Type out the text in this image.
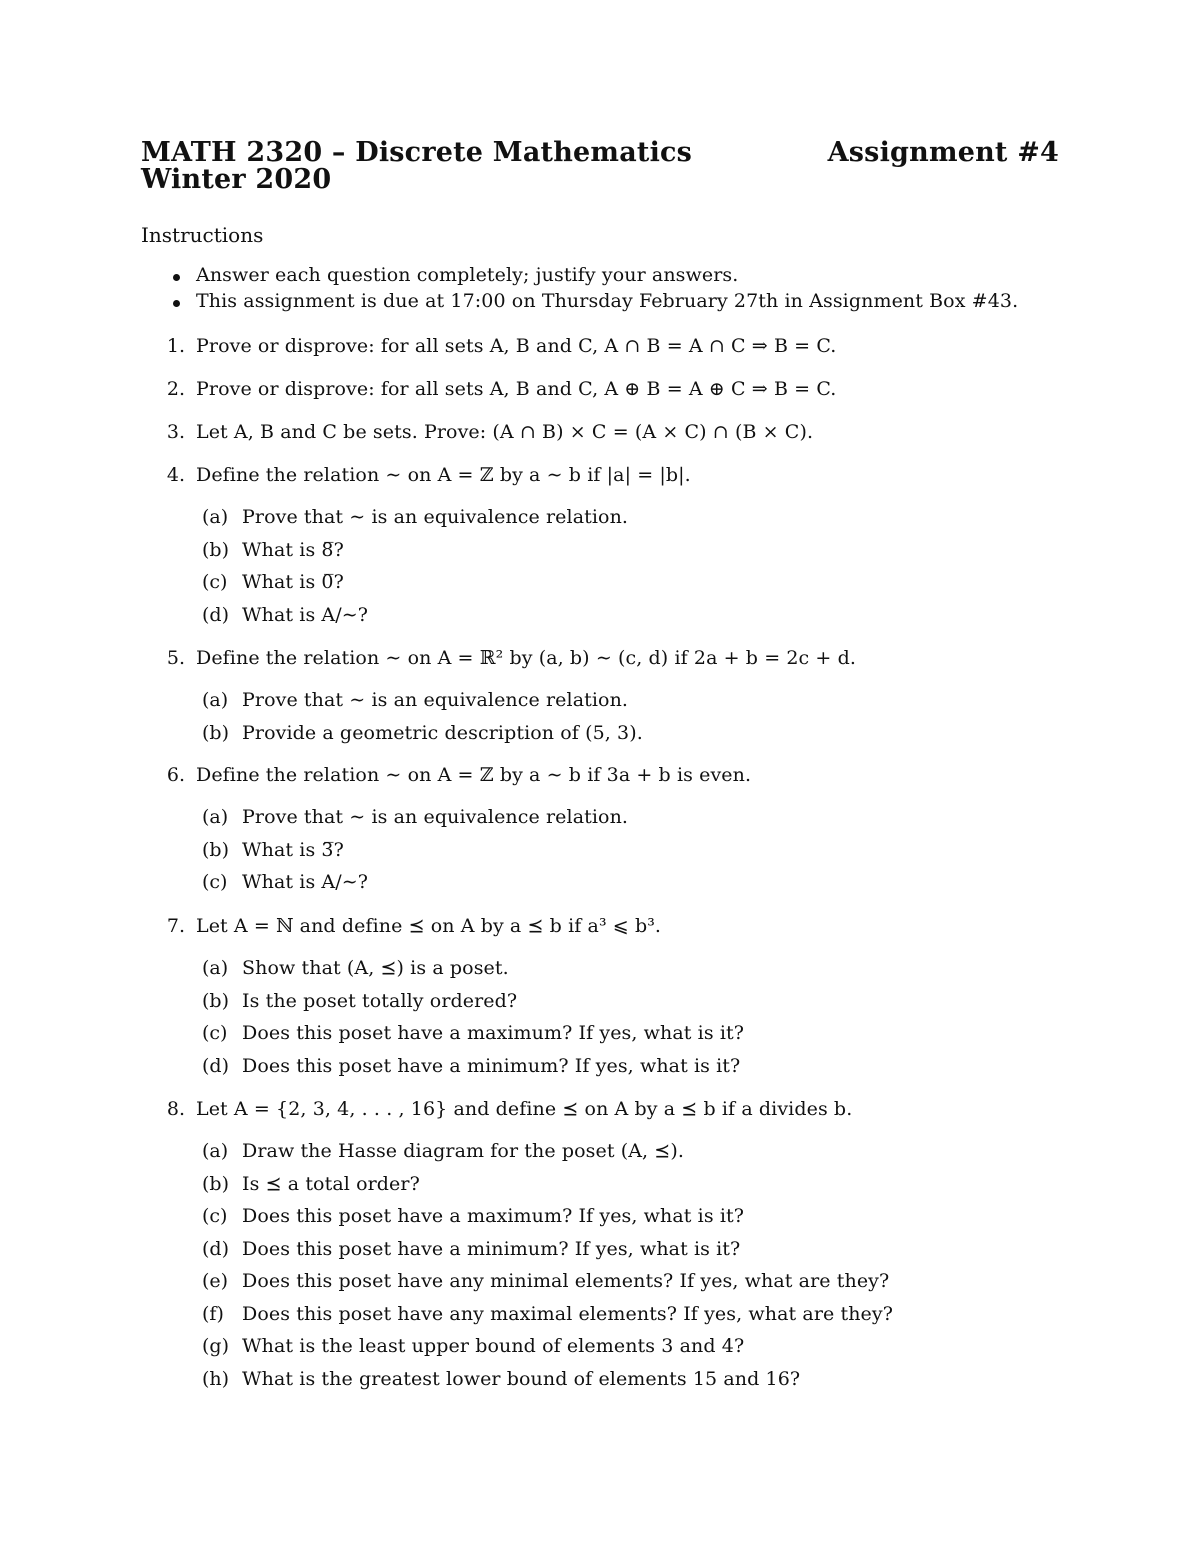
MATH 2320 – Discrete Mathematics	Assignment #4
Winter 2020
Instructions
Answer each question completely; justify your answers.
This assignment is due at 17:00 on Thursday February 27th in Assignment Box #43.
1. Prove or disprove: for all sets A, B and C, A ∩ B = A ∩ C ⇒ B = C.
2. Prove or disprove: for all sets A, B and C, A ⊕ B = A ⊕ C ⇒ B = C.
3. Let A, B and C be sets. Prove: (A ∩ B) × C = (A × C) ∩ (B × C).
4. Define the relation ∼ on A = ℤ by a ∼ b if |a| = |b|.
(a) Prove that ∼ is an equivalence relation.
(b) What is 8̅?
(c) What is 0̅?
(d) What is A/∼?
5. Define the relation ∼ on A = ℝ² by (a, b) ∼ (c, d) if 2a + b = 2c + d.
(a) Prove that ∼ is an equivalence relation.
(b) Provide a geometric description of (5, 3).
6. Define the relation ∼ on A = ℤ by a ∼ b if 3a + b is even.
(a) Prove that ∼ is an equivalence relation.
(b) What is 3̅?
(c) What is A/∼?
7. Let A = ℕ and define ⪯ on A by a ⪯ b if a³ ⩽ b³.
(a) Show that (A, ⪯) is a poset.
(b) Is the poset totally ordered?
(c) Does this poset have a maximum? If yes, what is it?
(d) Does this poset have a minimum? If yes, what is it?
8. Let A = {2, 3, 4, . . . , 16} and define ⪯ on A by a ⪯ b if a divides b.
(a) Draw the Hasse diagram for the poset (A, ⪯).
(b) Is ⪯ a total order?
(c) Does this poset have a maximum? If yes, what is it?
(d) Does this poset have a minimum? If yes, what is it?
(e) Does this poset have any minimal elements? If yes, what are they?
(f) Does this poset have any maximal elements? If yes, what are they?
(g) What is the least upper bound of elements 3 and 4?
(h) What is the greatest lower bound of elements 15 and 16?
